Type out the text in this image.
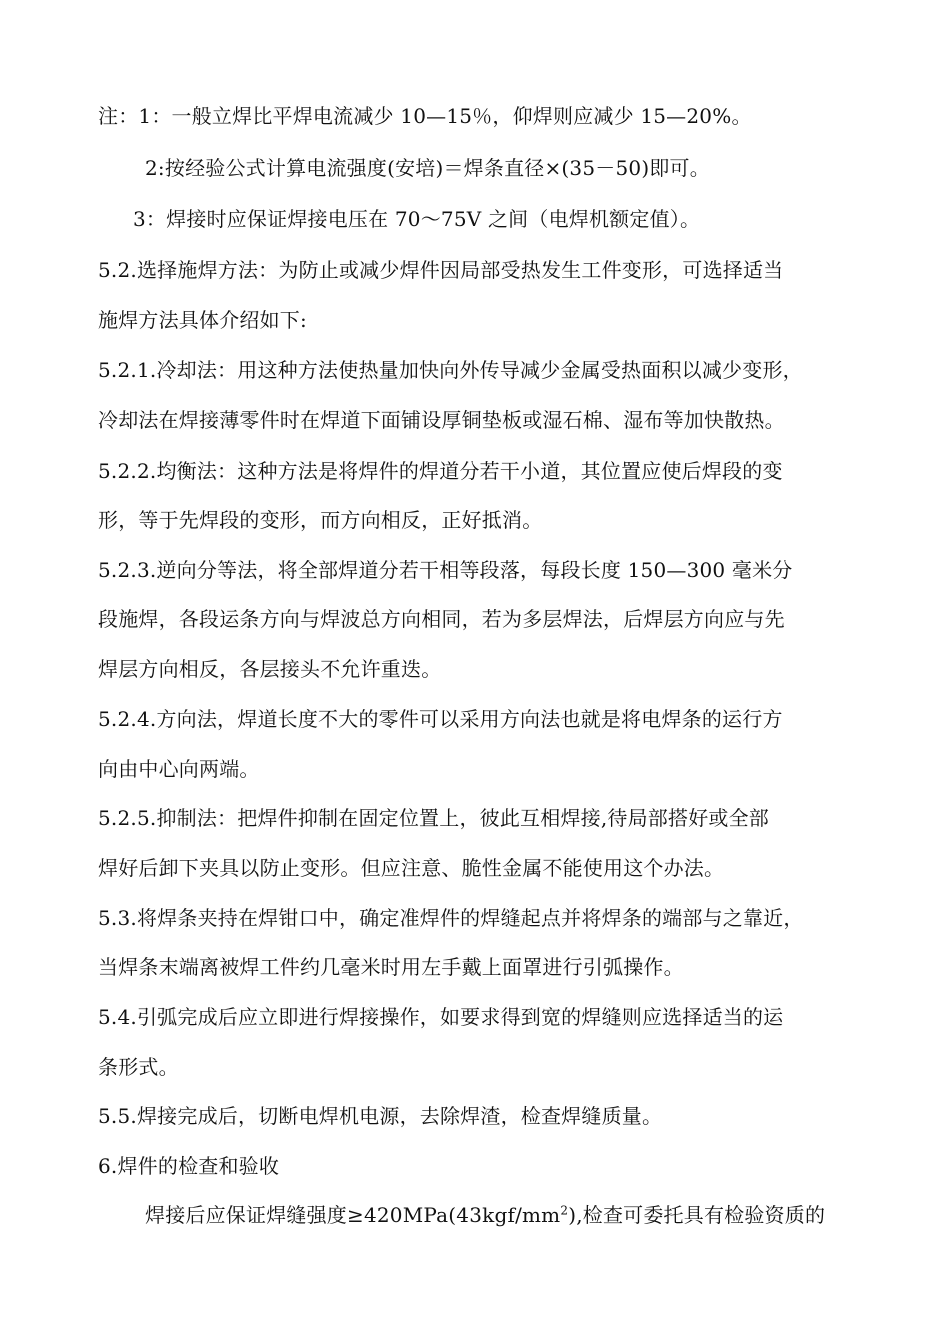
注：1：一般立焊比平焊电流减少 10—15％，仰焊则应减少 15—20%。
2:按经验公式计算电流强度(安培)＝焊条直径×(35－50)即可。
3：焊接时应保证焊接电压在 70～75V 之间（电焊机额定值）。
5.2.选择施焊方法：为防止或减少焊件因局部受热发生工件变形，可选择适当
施焊方法具体介绍如下:
5.2.1.冷却法：用这种方法使热量加快向外传导减少金属受热面积以减少变形，
冷却法在焊接薄零件时在焊道下面铺设厚铜垫板或湿石棉、湿布等加快散热。
5.2.2.均衡法：这种方法是将焊件的焊道分若干小道，其位置应使后焊段的变
形，等于先焊段的变形，而方向相反，正好抵消。
5.2.3.逆向分等法，将全部焊道分若干相等段落，每段长度 150—300 毫米分
段施焊，各段运条方向与焊波总方向相同，若为多层焊法，后焊层方向应与先
焊层方向相反，各层接头不允许重迭。
5.2.4.方向法，焊道长度不大的零件可以采用方向法也就是将电焊条的运行方
向由中心向两端。
5.2.5.抑制法：把焊件抑制在固定位置上，彼此互相焊接,待局部搭好或全部
焊好后卸下夹具以防止变形。但应注意、脆性金属不能使用这个办法。
5.3.将焊条夹持在焊钳口中，确定准焊件的焊缝起点并将焊条的端部与之靠近，
当焊条末端离被焊工件约几毫米时用左手戴上面罩进行引弧操作。
5.4.引弧完成后应立即进行焊接操作，如要求得到宽的焊缝则应选择适当的运
条形式。
5.5.焊接完成后，切断电焊机电源，去除焊渣，检查焊缝质量。
6.焊件的检查和验收
焊接后应保证焊缝强度$\ge 420MPa(43kgf/mm^2)$,检查可委托具有检验资质的
